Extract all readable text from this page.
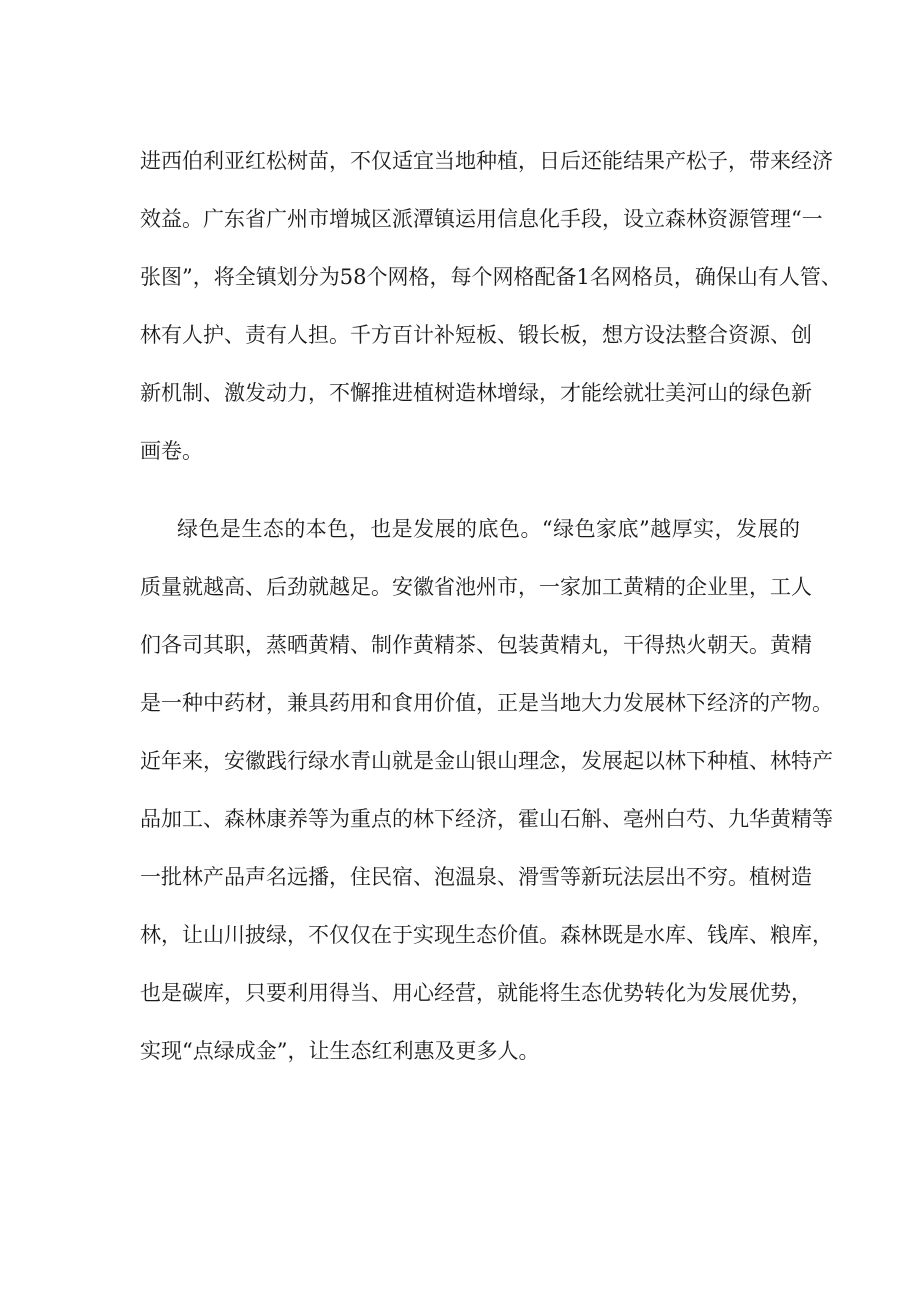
进西伯利亚红松树苗，不仅适宜当地种植，日后还能结果产松子，带来经济
效益。广东省广州市增城区派潭镇运用信息化手段，设立森林资源管理“一
张图”，将全镇划分为58个网格，每个网格配备1名网格员，确保山有人管、
林有人护、责有人担。千方百计补短板、锻长板，想方设法整合资源、创
新机制、激发动力，不懈推进植树造林增绿，才能绘就壮美河山的绿色新
画卷。
绿色是生态的本色，也是发展的底色。“绿色家底”越厚实，发展的
质量就越高、后劲就越足。安徽省池州市，一家加工黄精的企业里，工人
们各司其职，蒸晒黄精、制作黄精茶、包装黄精丸，干得热火朝天。黄精
是一种中药材，兼具药用和食用价值，正是当地大力发展林下经济的产物。
近年来，安徽践行绿水青山就是金山银山理念，发展起以林下种植、林特产
品加工、森林康养等为重点的林下经济，霍山石斛、亳州白芍、九华黄精等
一批林产品声名远播，住民宿、泡温泉、滑雪等新玩法层出不穷。植树造
林，让山川披绿，不仅仅在于实现生态价值。森林既是水库、钱库、粮库，
也是碳库，只要利用得当、用心经营，就能将生态优势转化为发展优势，
实现“点绿成金”，让生态红利惠及更多人。
